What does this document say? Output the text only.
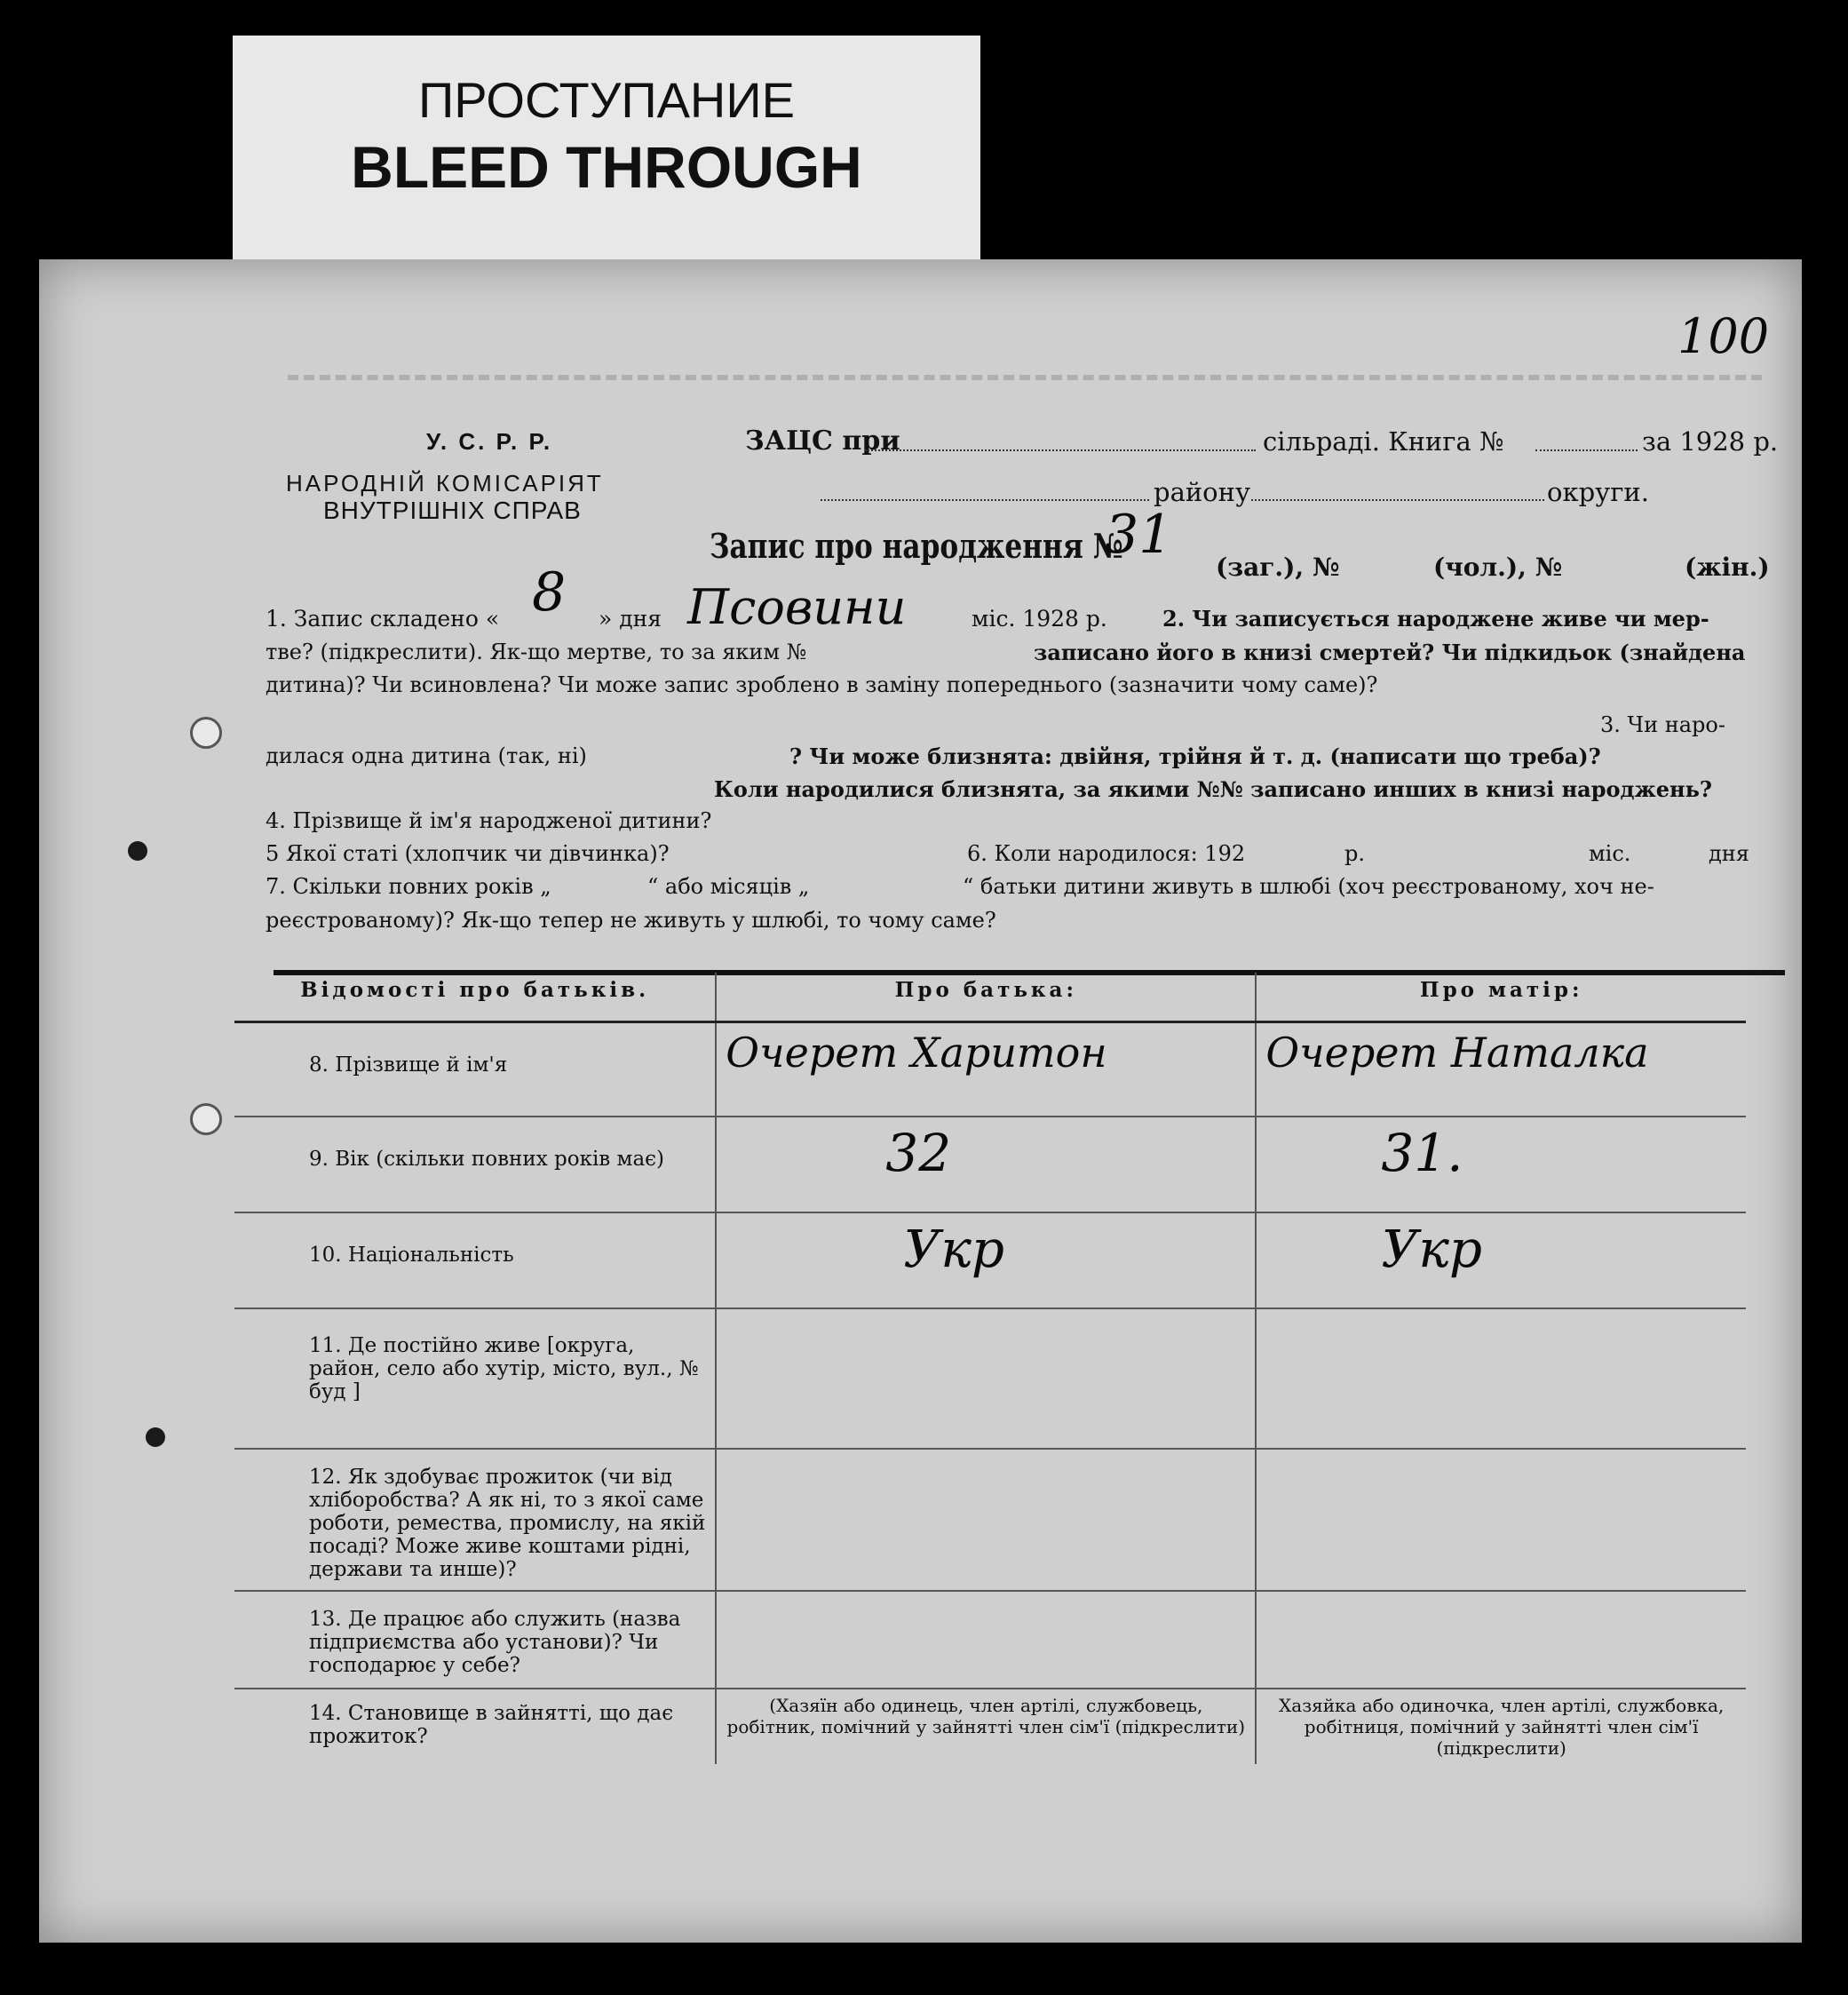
ПРОСТУПАНИЕ
BLEED THROUGH
100
У. С. Р. Р.
НАРОДНІЙ КОМІСАРІЯТ
ВНУТРІШНІХ СПРАВ
ЗАЦС при	сільраді. Книга №	за 1928 р.
району	округи.
Запис про народження №
31
(заг.), №	(чол.), №	(жін.)
1. Запис складено « 8 » дня Псовини	міс. 1928 р.	2. Чи записується народжене живе чи мер-
тве? (підкреслити). Як-що мертве, то за яким №	записано його в книзі смертей? Чи підкидьок (знайдена
дитина)? Чи всиновлена? Чи може запис зроблено в заміну попереднього (зазначити чому саме)?
3. Чи наро-
дилася одна дитина (так, ні)	? Чи може близнята: двійня, трійня й т. д. (написати що треба)?
Коли народилися близнята, за якими №№ записано инших в книзі народжень?
4. Прізвище й ім'я народженої дитини?
5 Якої статі (хлопчик чи дівчинка)?	6. Коли народилося: 192	р.	міс.	дня
7. Скільки повних років „	“ або місяців „	“ батьки дитини живуть в шлюбі (хоч реєстрованому, хоч не-
реєстрованому)? Як-що тепер не живуть у шлюбі, то чому саме?
Відомості про батьків.	Про батька:	Про матір:
8. Прізвище й ім'я	Очерет Харитон	Очерет Наталка
9. Вік (скільки повних років має)	32	31.
10. Національність	Укр	Укр
11. Де постійно живе [округа, район, село або хутір, місто, вул., № буд ]		
12. Як здобуває прожиток (чи від хліборобства? А як ні, то з якої саме роботи, ремества, промислу, на якій посаді? Може живе коштами рідні, держави та инше)?		
13. Де працює або служить (назва підприємства або установи)? Чи господарює у себе?		
14. Становище в зайнятті, що дає прожиток?	(Хазяїн або одинець, член артілі, службовець, робітник, помічний у зайнятті член сім'ї (підкреслити)	Хазяйка або одиночка, член артілі, службовка, робітниця, помічний у зайнятті член сім'ї (підкреслити)
